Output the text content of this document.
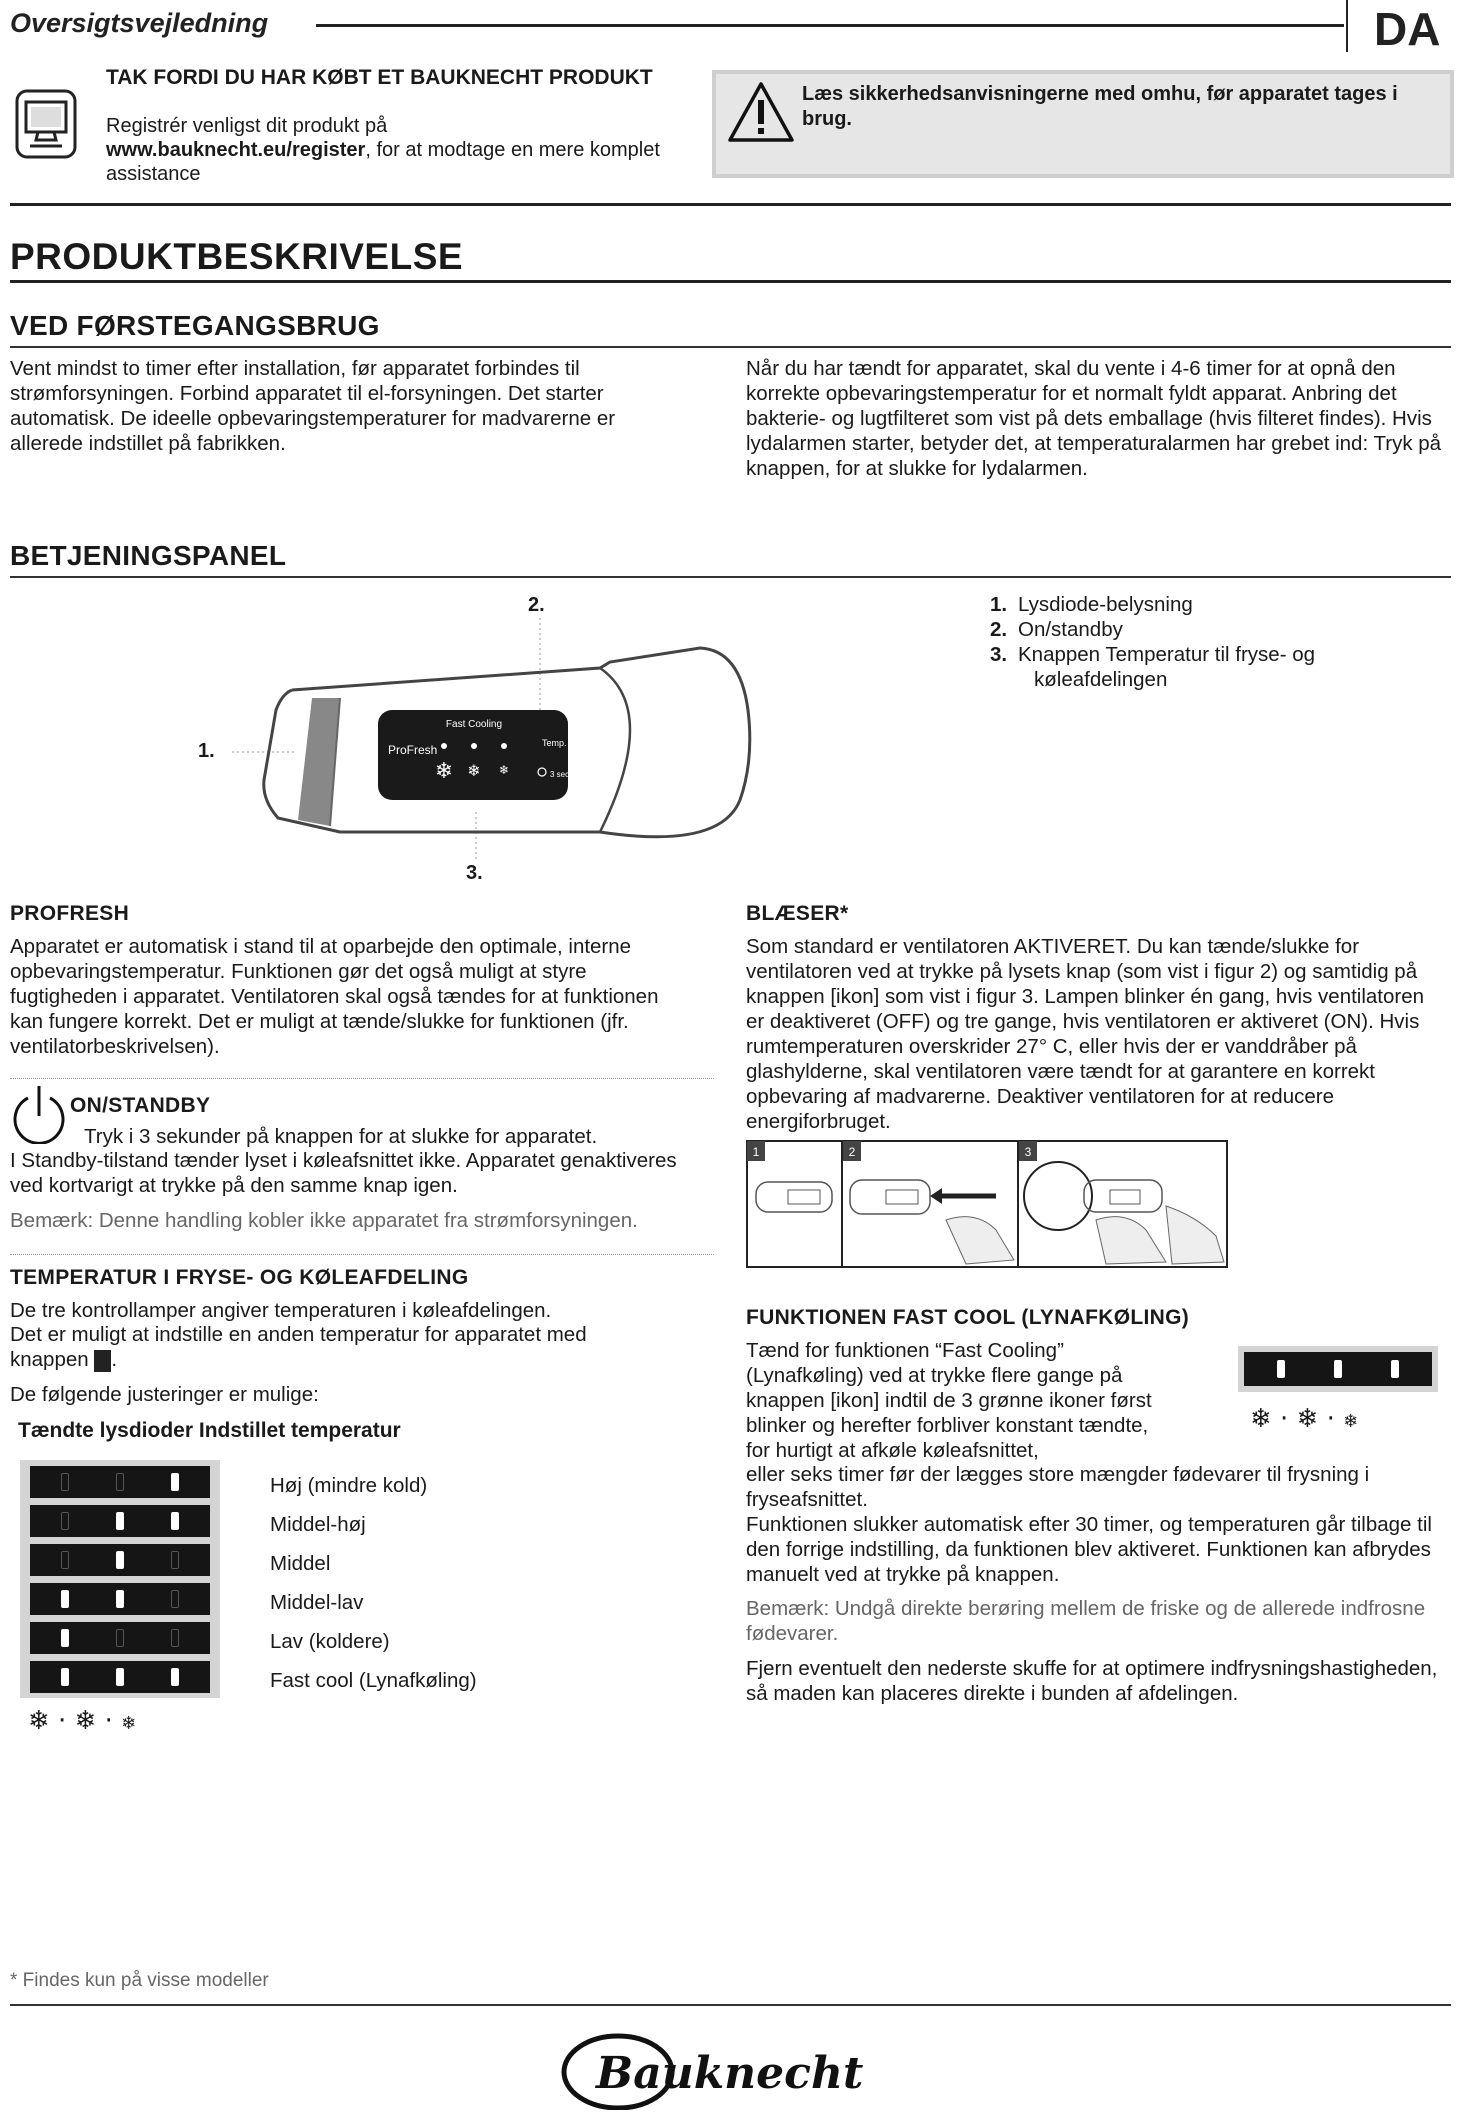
Oversigtsvejledning	DA
TAK FORDI DU HAR KØBT ET BAUKNECHT PRODUKT
Registrér venligst dit produkt på
www.bauknecht.eu/register, for at modtage en mere komplet assistance
Læs sikkerhedsanvisningerne med omhu, før apparatet tages i brug.
PRODUKTBESKRIVELSE
VED FØRSTEGANGSBRUG
Vent mindst to timer efter installation, før apparatet forbindes til strømforsyningen. Forbind apparatet til el-forsyningen. Det starter automatisk. De ideelle opbevaringstemperaturer for madvarerne er allerede indstillet på fabrikken.
Når du har tændt for apparatet, skal du vente i 4-6 timer for at opnå den korrekte opbevaringstemperatur for et normalt fyldt apparat. Anbring det bakterie- og lugtfilteret som vist på dets emballage (hvis filteret findes). Hvis lydalarmen starter, betyder det, at temperaturalarmen har grebet ind: Tryk på knappen, for at slukke for lydalarmen.
BETJENINGSPANEL
1.
2.
3.
Fast Cooling
ProFresh	Temp.
3 sec
❄ ❄ ❄
1. Lysdiode-belysning
2. On/standby
3. Knappen Temperatur til fryse- og
køleafdelingen
PROFRESH
Apparatet er automatisk i stand til at oparbejde den optimale, interne opbevaringstemperatur. Funktionen gør det også muligt at styre fugtigheden i apparatet. Ventilatoren skal også tændes for at funktionen kan fungere korrekt. Det er muligt at tænde/slukke for funktionen (jfr. ventilatorbeskrivelsen).
ON/STANDBY
Tryk i 3 sekunder på knappen for at slukke for apparatet.
I Standby-tilstand tænder lyset i køleafsnittet ikke. Apparatet genaktiveres ved kortvarigt at trykke på den samme knap igen.
Bemærk: Denne handling kobler ikke apparatet fra strømforsyningen.
TEMPERATUR I FRYSE- OG KØLEAFDELING
De tre kontrollamper angiver temperaturen i køleafdelingen.
Det er muligt at indstille en anden temperatur for apparatet med knappen .
De følgende justeringer er mulige:
Tændte lysdioder Indstillet temperatur
Høj (mindre kold)
Middel-høj
Middel
Middel-lav
Lav (koldere)
Fast cool (Lynafkøling)
❄ · ❄ · ❄
BLÆSER*
Som standard er ventilatoren AKTIVERET. Du kan tænde/slukke for ventilatoren ved at trykke på lysets knap (som vist i figur 2) og samtidig på knappen [ikon] som vist i figur 3. Lampen blinker én gang, hvis ventilatoren er deaktiveret (OFF) og tre gange, hvis ventilatoren er aktiveret (ON). Hvis rumtemperaturen overskrider 27° C, eller hvis der er vanddråber på glashylderne, skal ventilatoren være tændt for at garantere en korrekt opbevaring af madvarerne. Deaktiver ventilatoren for at reducere energiforbruget.
1	2	3
FUNKTIONEN FAST COOL (LYNAFKØLING)
Tænd for funktionen “Fast Cooling” (Lynafkøling) ved at trykke flere gange på knappen [ikon] indtil de 3 grønne ikoner først blinker og herefter forbliver konstant tændte, for hurtigt at afkøle køleafsnittet,
❄ · ❄ · ❄
eller seks timer før der lægges store mængder fødevarer til frysning i fryseafsnittet.
Funktionen slukker automatisk efter 30 timer, og temperaturen går tilbage til den forrige indstilling, da funktionen blev aktiveret. Funktionen kan afbrydes manuelt ved at trykke på knappen.
Bemærk: Undgå direkte berøring mellem de friske og de allerede indfrosne fødevarer.
Fjern eventuelt den nederste skuffe for at optimere indfrysningshastigheden, så maden kan placeres direkte i bunden af afdelingen.
* Findes kun på visse modeller
Bauknecht
